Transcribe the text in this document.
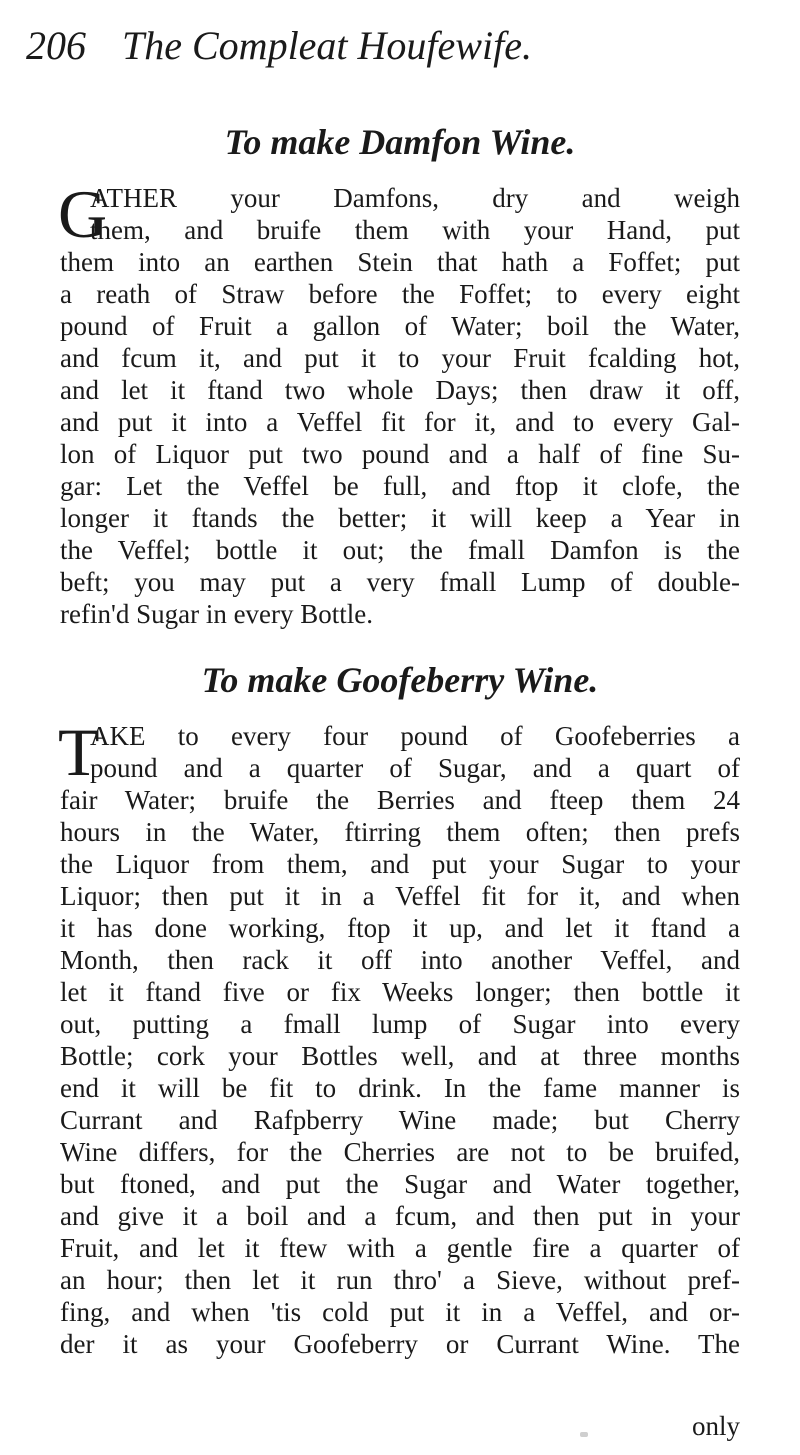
206 The Compleat Houfewife.
To make Damfon Wine.
G
ATHER your Damfons, dry and weigh
them, and bruife them with your Hand, put
them into an earthen Stein that hath a Foffet; put
a reath of Straw before the Foffet; to every eight
pound of Fruit a gallon of Water; boil the Water,
and fcum it, and put it to your Fruit fcalding hot,
and let it ftand two whole Days; then draw it off,
and put it into a Veffel fit for it, and to every Gal-
lon of Liquor put two pound and a half of fine Su-
gar: Let the Veffel be full, and ftop it clofe, the
longer it ftands the better; it will keep a Year in
the Veffel; bottle it out; the fmall Damfon is the
beft; you may put a very fmall Lump of double-
refin'd Sugar in every Bottle.
To make Goofeberry Wine.
T
AKE to every four pound of Goofeberries a
pound and a quarter of Sugar, and a quart of
fair Water; bruife the Berries and fteep them 24
hours in the Water, ftirring them often; then prefs
the Liquor from them, and put your Sugar to your
Liquor; then put it in a Veffel fit for it, and when
it has done working, ftop it up, and let it ftand a
Month, then rack it off into another Veffel, and
let it ftand five or fix Weeks longer; then bottle it
out, putting a fmall lump of Sugar into every
Bottle; cork your Bottles well, and at three months
end it will be fit to drink. In the fame manner is
Currant and Rafpberry Wine made; but Cherry
Wine differs, for the Cherries are not to be bruifed,
but ftoned, and put the Sugar and Water together,
and give it a boil and a fcum, and then put in your
Fruit, and let it ftew with a gentle fire a quarter of
an hour; then let it run thro' a Sieve, without pref-
fing, and when 'tis cold put it in a Veffel, and or-
der it as your Goofeberry or Currant Wine. The
only
